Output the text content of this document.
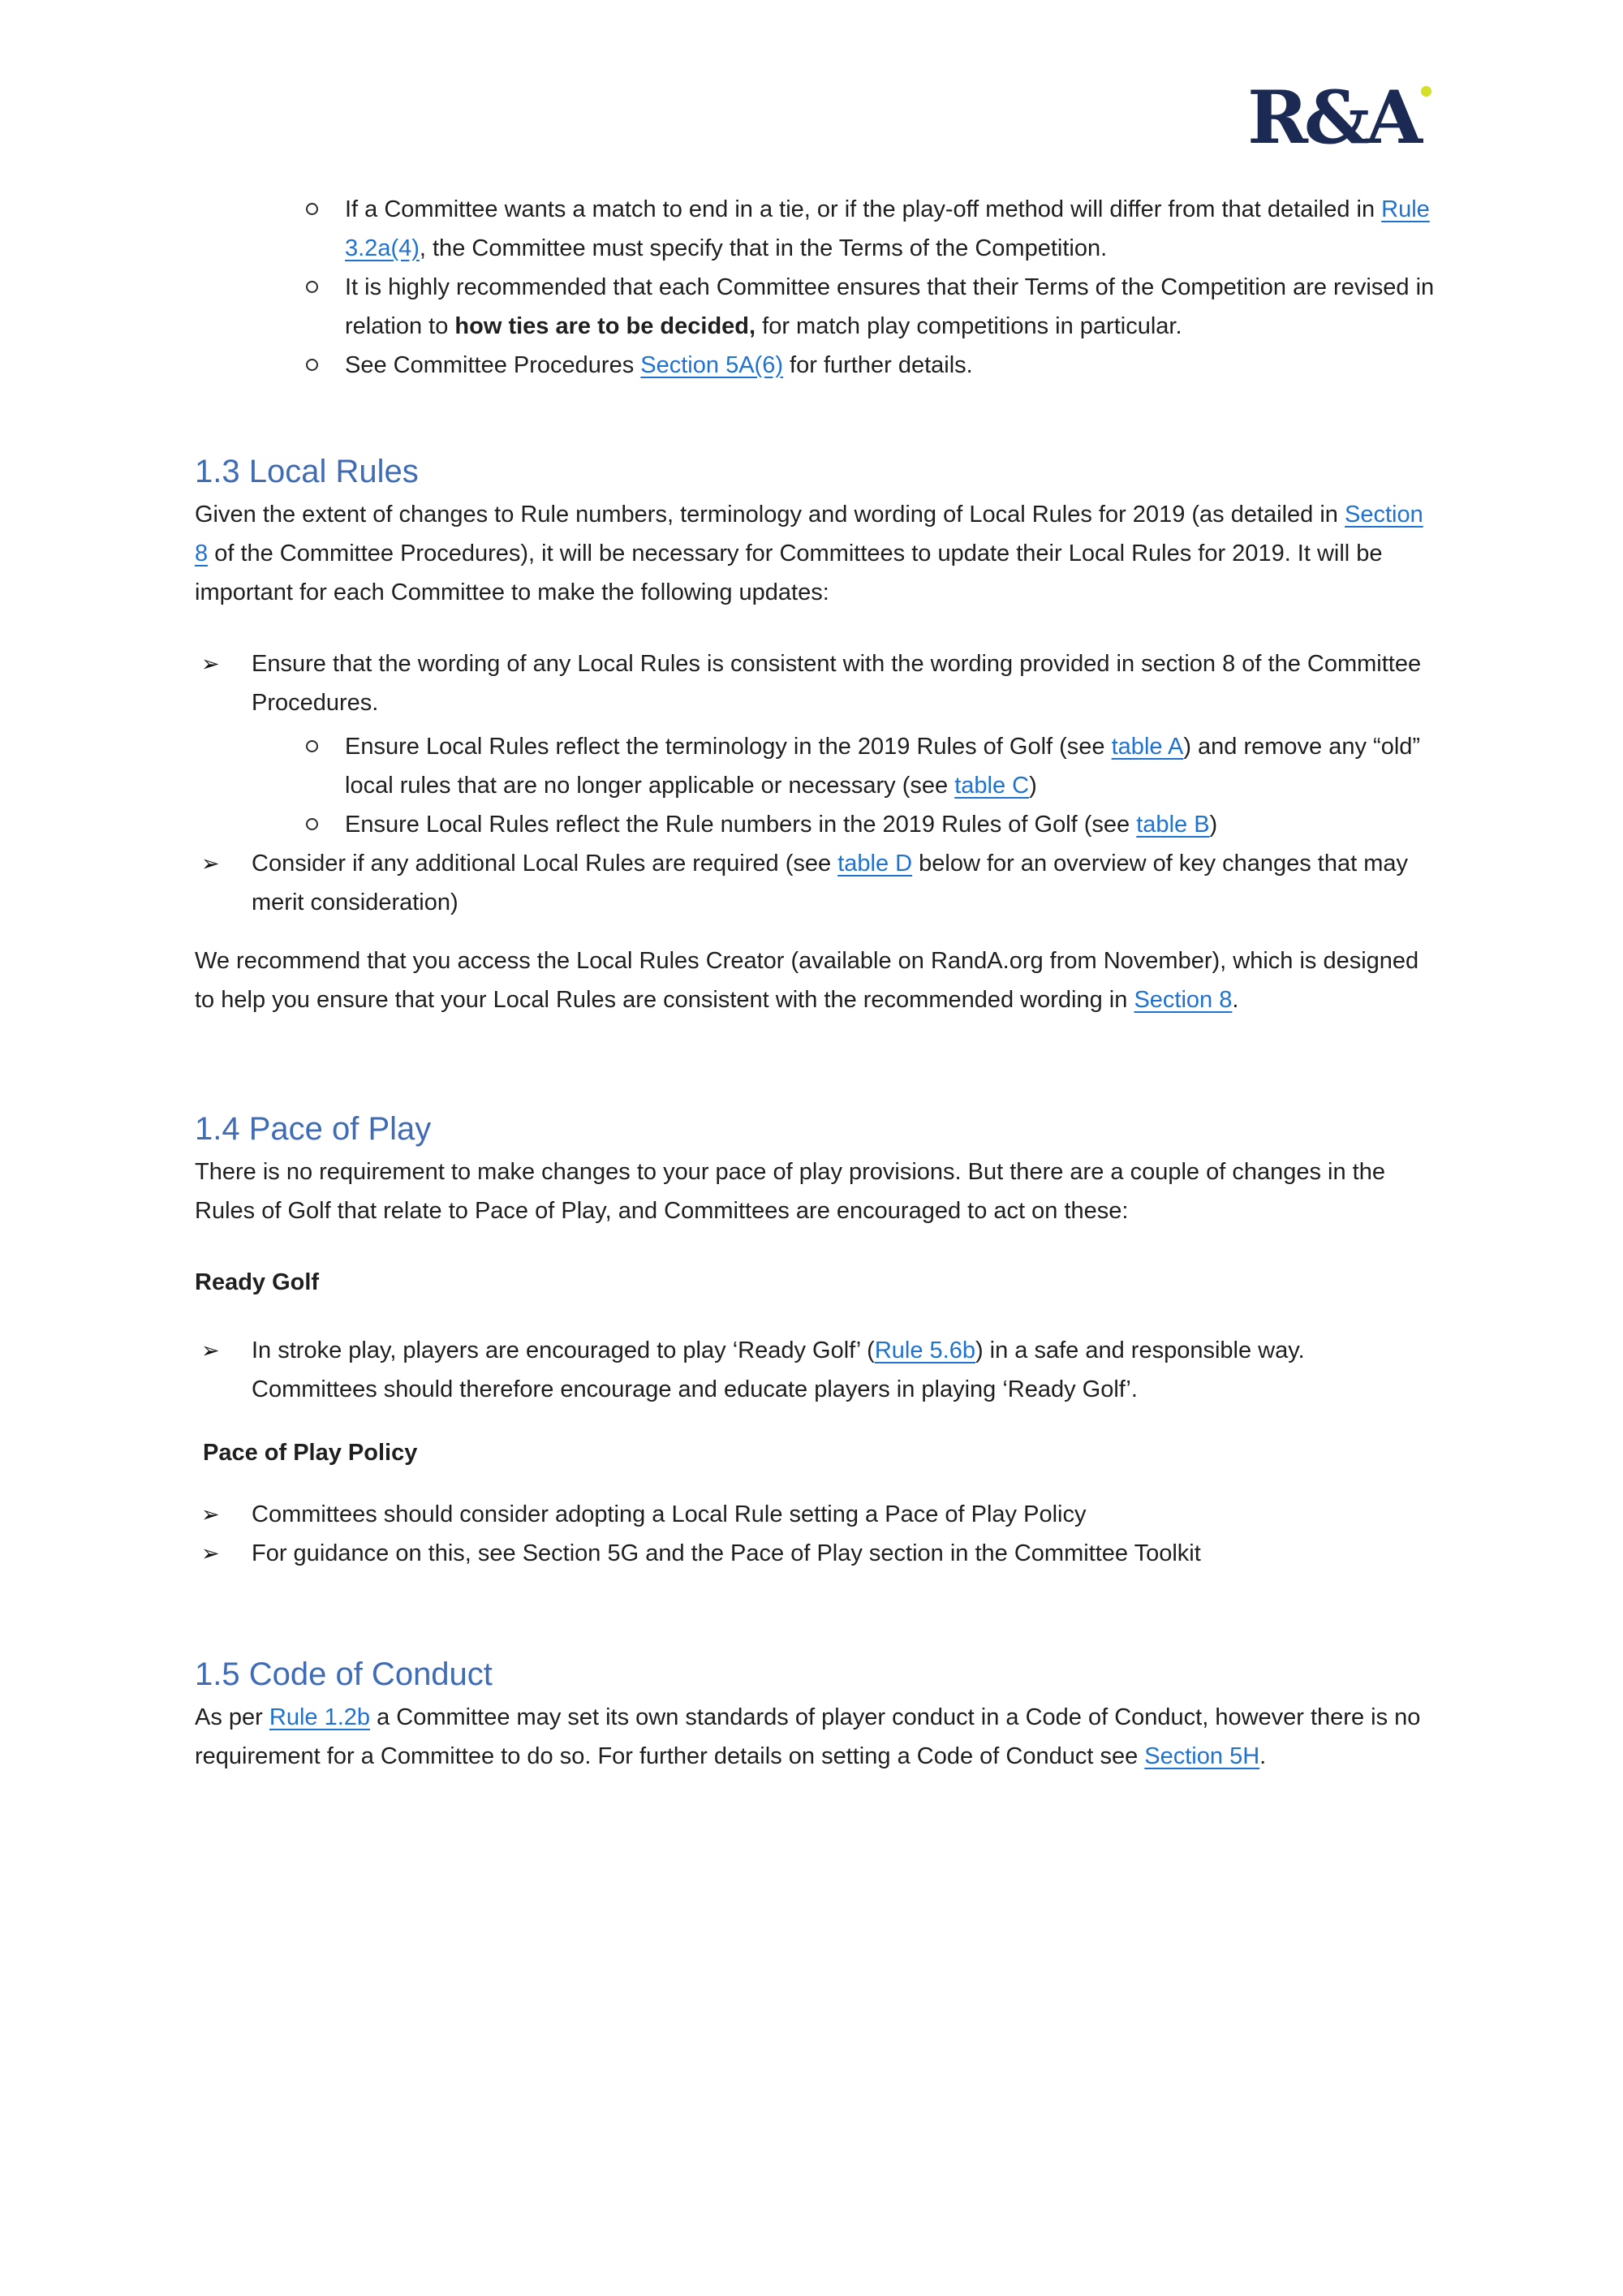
R&A

If a Committee wants a match to end in a tie, or if the play-off method will differ from that detailed in Rule 3.2a(4), the Committee must specify that in the Terms of the Competition.

It is highly recommended that each Committee ensures that their Terms of the Competition are revised in relation to how ties are to be decided, for match play competitions in particular.

See Committee Procedures Section 5A(6) for further details.

1.3 Local Rules

Given the extent of changes to Rule numbers, terminology and wording of Local Rules for 2019 (as detailed in Section 8 of the Committee Procedures), it will be necessary for Committees to update their Local Rules for 2019. It will be important for each Committee to make the following updates:

➢ Ensure that the wording of any Local Rules is consistent with the wording provided in section 8 of the Committee Procedures.

Ensure Local Rules reflect the terminology in the 2019 Rules of Golf (see table A) and remove any “old” local rules that are no longer applicable or necessary (see table C)

Ensure Local Rules reflect the Rule numbers in the 2019 Rules of Golf (see table B)

➢ Consider if any additional Local Rules are required (see table D below for an overview of key changes that may merit consideration)

We recommend that you access the Local Rules Creator (available on RandA.org from November), which is designed to help you ensure that your Local Rules are consistent with the recommended wording in Section 8.

1.4 Pace of Play

There is no requirement to make changes to your pace of play provisions. But there are a couple of changes in the Rules of Golf that relate to Pace of Play, and Committees are encouraged to act on these:

Ready Golf
➢ In stroke play, players are encouraged to play ‘Ready Golf’ (Rule 5.6b) in a safe and responsible way. Committees should therefore encourage and educate players in playing ‘Ready Golf’.

Pace of Play Policy
➢ Committees should consider adopting a Local Rule setting a Pace of Play Policy

➢ For guidance on this, see Section 5G and the Pace of Play section in the Committee Toolkit

1.5 Code of Conduct

As per Rule 1.2b a Committee may set its own standards of player conduct in a Code of Conduct, however there is no requirement for a Committee to do so. For further details on setting a Code of Conduct see Section 5H.
